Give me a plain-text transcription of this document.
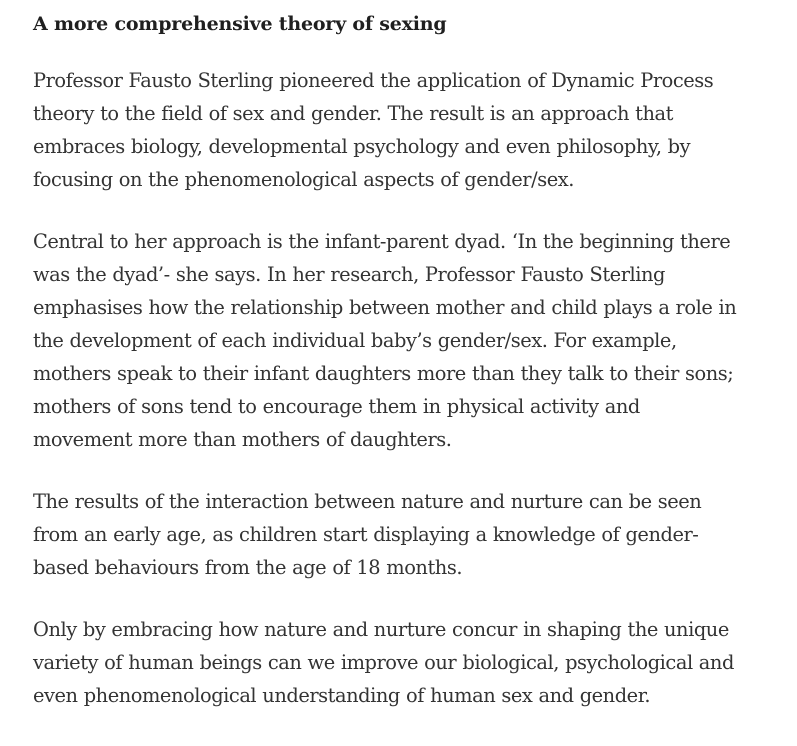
A more comprehensive theory of sexing

Professor Fausto Sterling pioneered the application of Dynamic Process
theory to the field of sex and gender. The result is an approach that
embraces biology, developmental psychology and even philosophy, by
focusing on the phenomenological aspects of gender/sex.

Central to her approach is the infant-parent dyad. ‘In the beginning there
was the dyad’- she says. In her research, Professor Fausto Sterling
emphasises how the relationship between mother and child plays a role in
the development of each individual baby’s gender/sex. For example,
mothers speak to their infant daughters more than they talk to their sons;
mothers of sons tend to encourage them in physical activity and
movement more than mothers of daughters.

The results of the interaction between nature and nurture can be seen
from an early age, as children start displaying a knowledge of gender-
based behaviours from the age of 18 months.

Only by embracing how nature and nurture concur in shaping the unique
variety of human beings can we improve our biological, psychological and
even phenomenological understanding of human sex and gender.
